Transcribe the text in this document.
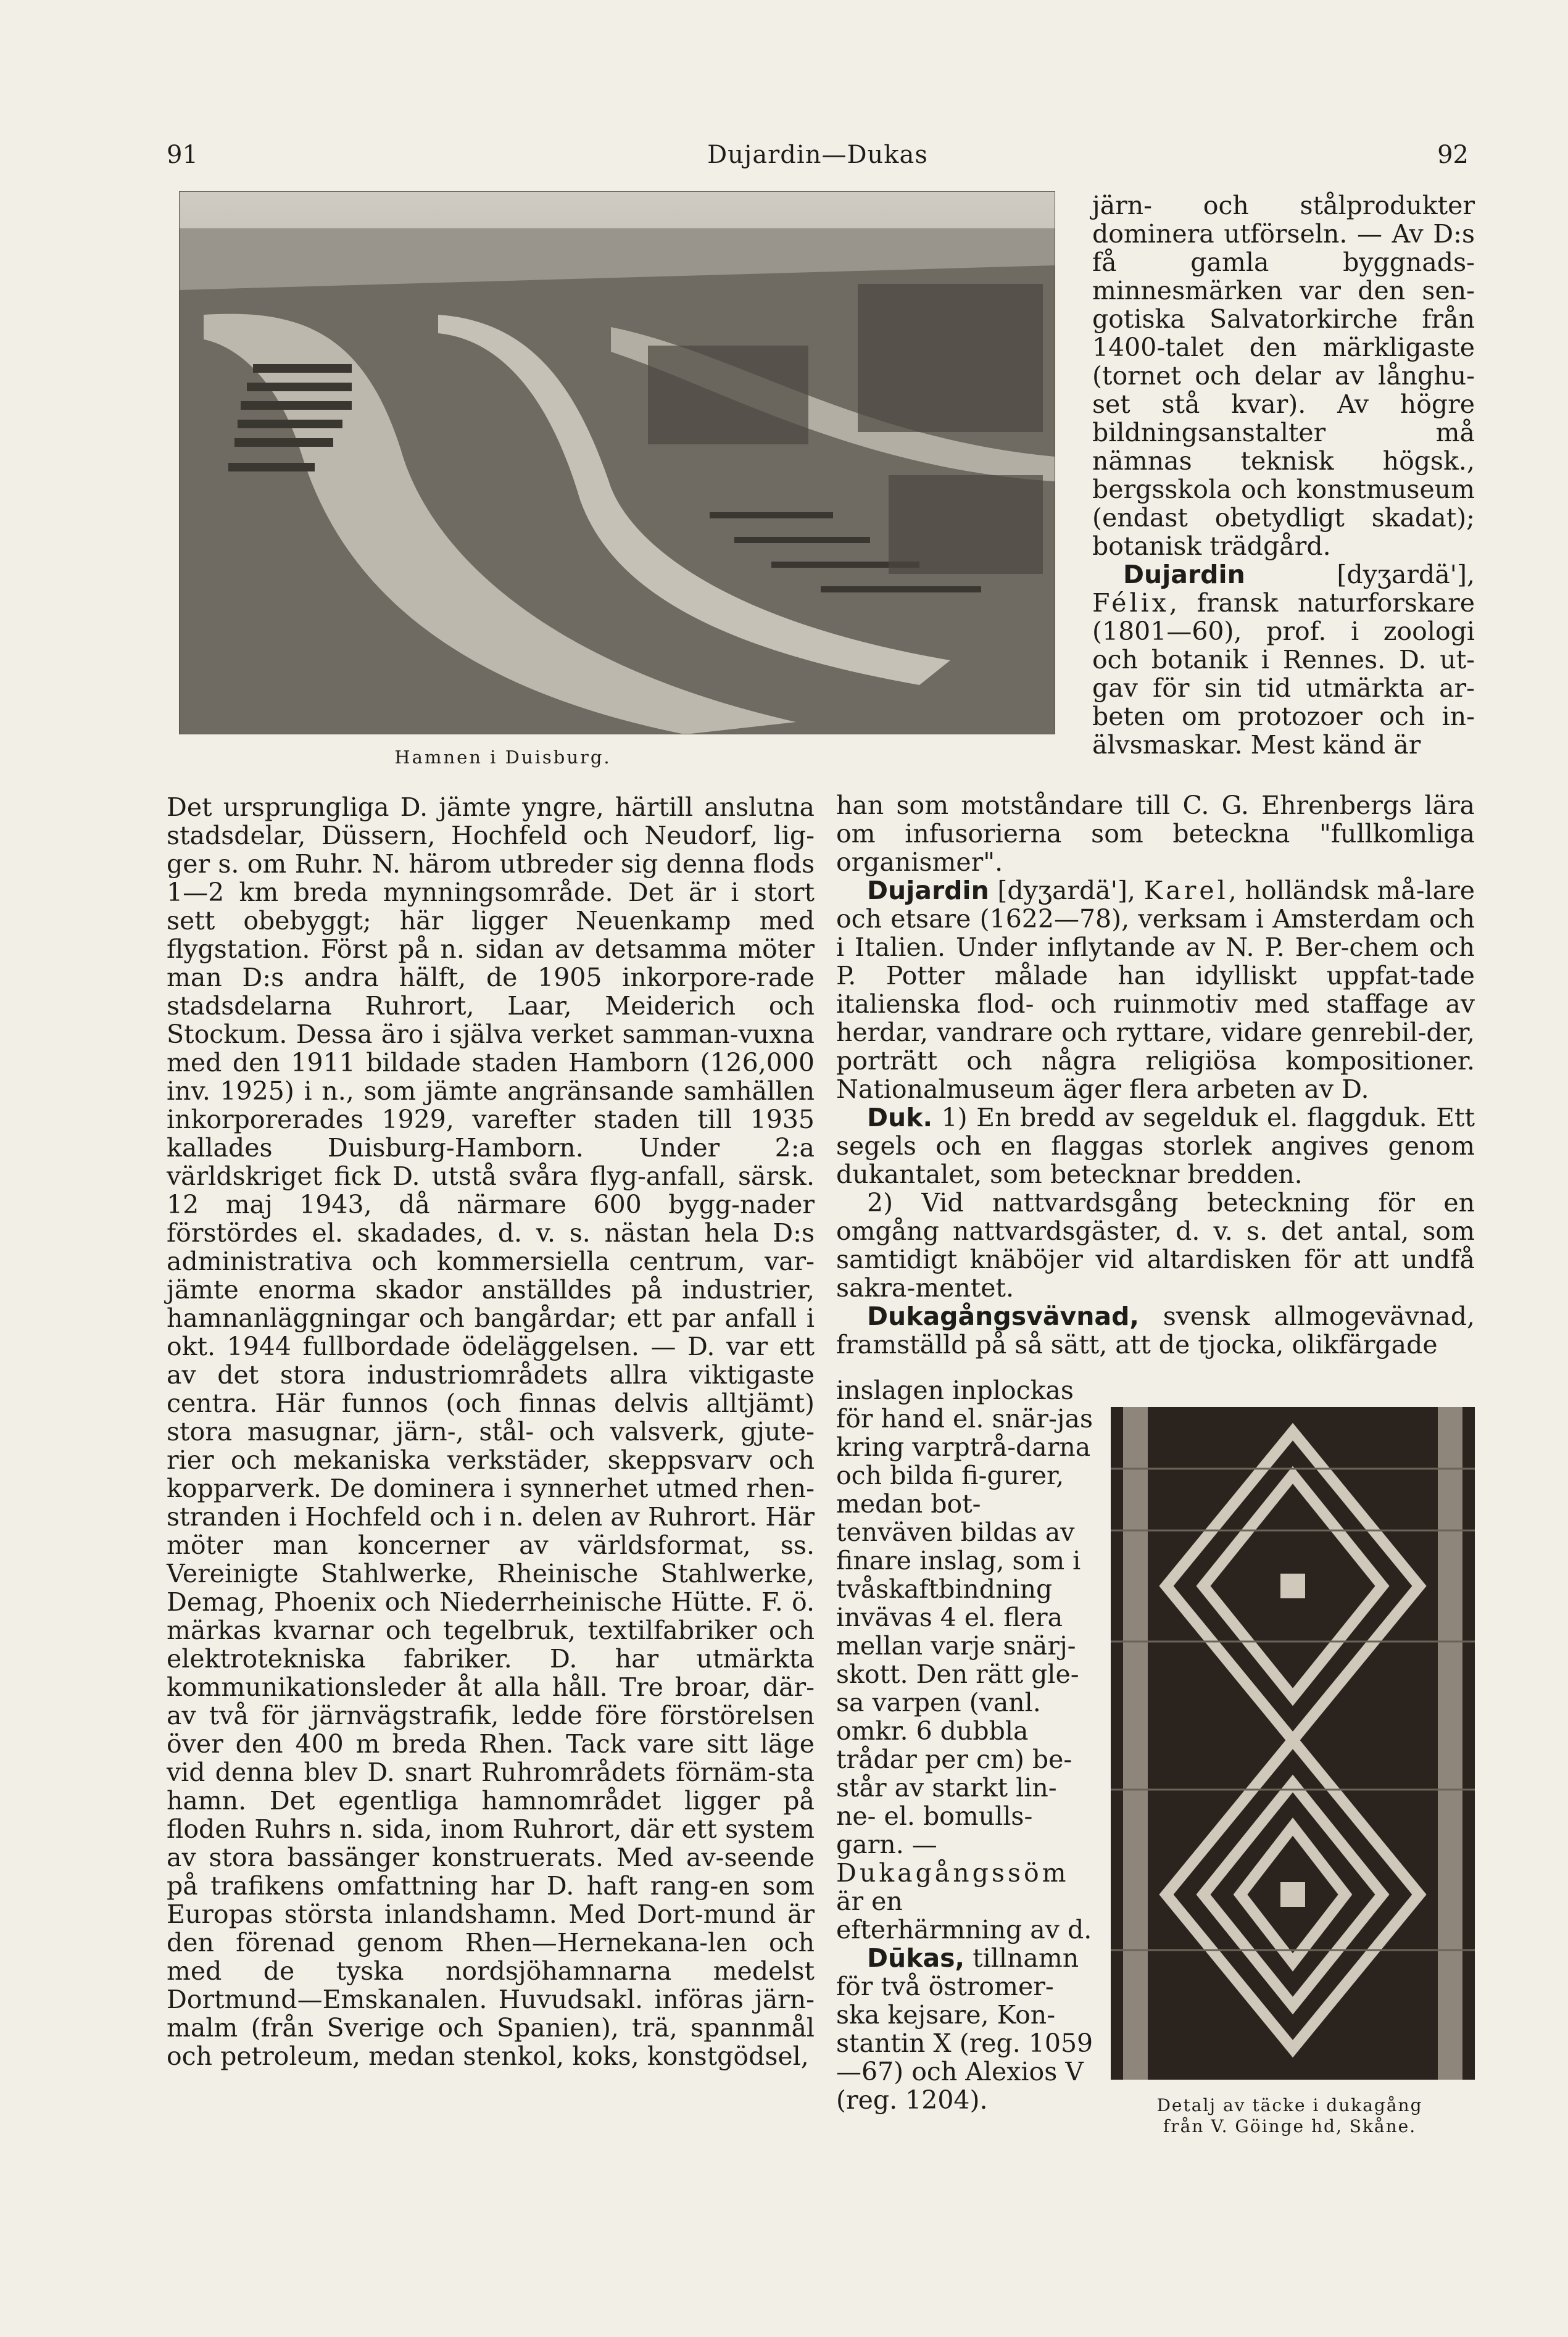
91	Dujardin—Dukas	92
Hamnen i Duisburg.

järn- och stålprodukter dominera utförseln. — Av D:s få gamla byggnads-minnesmärken var den sen-gotiska Salvatorkirche från 1400-talet den märkligaste (tornet och delar av långhu-set stå kvar). Av högre bildningsanstalter må nämnas teknisk högsk., bergsskola och konstmuseum (endast obetydligt skadat); botanisk trädgård.

Dujardin [dyʒardä'], Félix, fransk naturforskare (1801—60), prof. i zoologi och botanik i Rennes. D. ut-gav för sin tid utmärkta ar-beten om protozoer och in-älvsmaskar. Mest känd är

Det ursprungliga D. jämte yngre, härtill anslutna stadsdelar, Düssern, Hochfeld och Neudorf, lig-ger s. om Ruhr. N. härom utbreder sig denna flods 1—2 km breda mynningsområde. Det är i stort sett obebyggt; här ligger Neuenkamp med flygstation. Först på n. sidan av detsamma möter man D:s andra hälft, de 1905 inkorpore-rade stadsdelarna Ruhrort, Laar, Meiderich och Stockum. Dessa äro i själva verket samman-vuxna med den 1911 bildade staden Hamborn (126,000 inv. 1925) i n., som jämte angränsande samhällen inkorporerades 1929, varefter staden till 1935 kallades Duisburg-Hamborn. Under 2:a världskriget fick D. utstå svåra flyg-anfall, särsk. 12 maj 1943, då närmare 600 bygg-nader förstördes el. skadades, d. v. s. nästan hela D:s administrativa och kommersiella centrum, var-jämte enorma skador anställdes på industrier, hamnanläggningar och bangårdar; ett par anfall i okt. 1944 fullbordade ödeläggelsen. — D. var ett av det stora industriområdets allra viktigaste centra. Här funnos (och finnas delvis alltjämt) stora masugnar, järn-, stål- och valsverk, gjute-rier och mekaniska verkstäder, skeppsvarv och kopparverk. De dominera i synnerhet utmed rhen-stranden i Hochfeld och i n. delen av Ruhrort. Här möter man koncerner av världsformat, ss. Vereinigte Stahlwerke, Rheinische Stahlwerke, Demag, Phoenix och Niederrheinische Hütte. F. ö. märkas kvarnar och tegelbruk, textilfabriker och elektrotekniska fabriker. D. har utmärkta kommunikationsleder åt alla håll. Tre broar, där-av två för järnvägstrafik, ledde före förstörelsen över den 400 m breda Rhen. Tack vare sitt läge vid denna blev D. snart Ruhrområdets förnäm-sta hamn. Det egentliga hamnområdet ligger på floden Ruhrs n. sida, inom Ruhrort, där ett system av stora bassänger konstruerats. Med av-seende på trafikens omfattning har D. haft rang-en som Europas största inlandshamn. Med Dort-mund är den förenad genom Rhen—Hernekana-len och med de tyska nordsjöhamnarna medelst Dortmund—Emskanalen. Huvudsakl. införas järn-malm (från Sverige och Spanien), trä, spannmål och petroleum, medan stenkol, koks, konstgödsel,

han som motståndare till C. G. Ehrenbergs lära om infusorierna som beteckna "fullkomliga organismer".

Dujardin [dyʒardä'], Karel, holländsk må-lare och etsare (1622—78), verksam i Amsterdam och i Italien. Under inflytande av N. P. Ber-chem och P. Potter målade han idylliskt uppfat-tade italienska flod- och ruinmotiv med staffage av herdar, vandrare och ryttare, vidare genrebil-der, porträtt och några religiösa kompositioner. Nationalmuseum äger flera arbeten av D.

Duk. 1) En bredd av segelduk el. flaggduk. Ett segels och en flaggas storlek angives genom dukantalet, som betecknar bredden.

2) Vid nattvardsgång beteckning för en omgång nattvardsgäster, d. v. s. det antal, som samtidigt knäböjer vid altardisken för att undfå sakra-mentet.

Dukagångsvävnad, svensk allmogevävnad, framställd på så sätt, att de tjocka, olikfärgade

inslagen inplockas för hand el. snär-jas kring varptrå-darna och bilda fi-gurer, medan bot-tenväven bildas av finare inslag, som i tvåskaftbindning invävas 4 el. flera mellan varje snärj-skott. Den rätt gle-sa varpen (vanl. omkr. 6 dubbla trådar per cm) be-står av starkt lin-ne- el. bomulls-garn. — Dukagångssöm är en efterhärmning av d.

Dūkas, tillnamn för två östromer-ska kejsare, Kon-stantin X (reg. 1059 —67) och Alexios V (reg. 1204).	Detalj av täcke i dukagång
från V. Göinge hd, Skåne.
